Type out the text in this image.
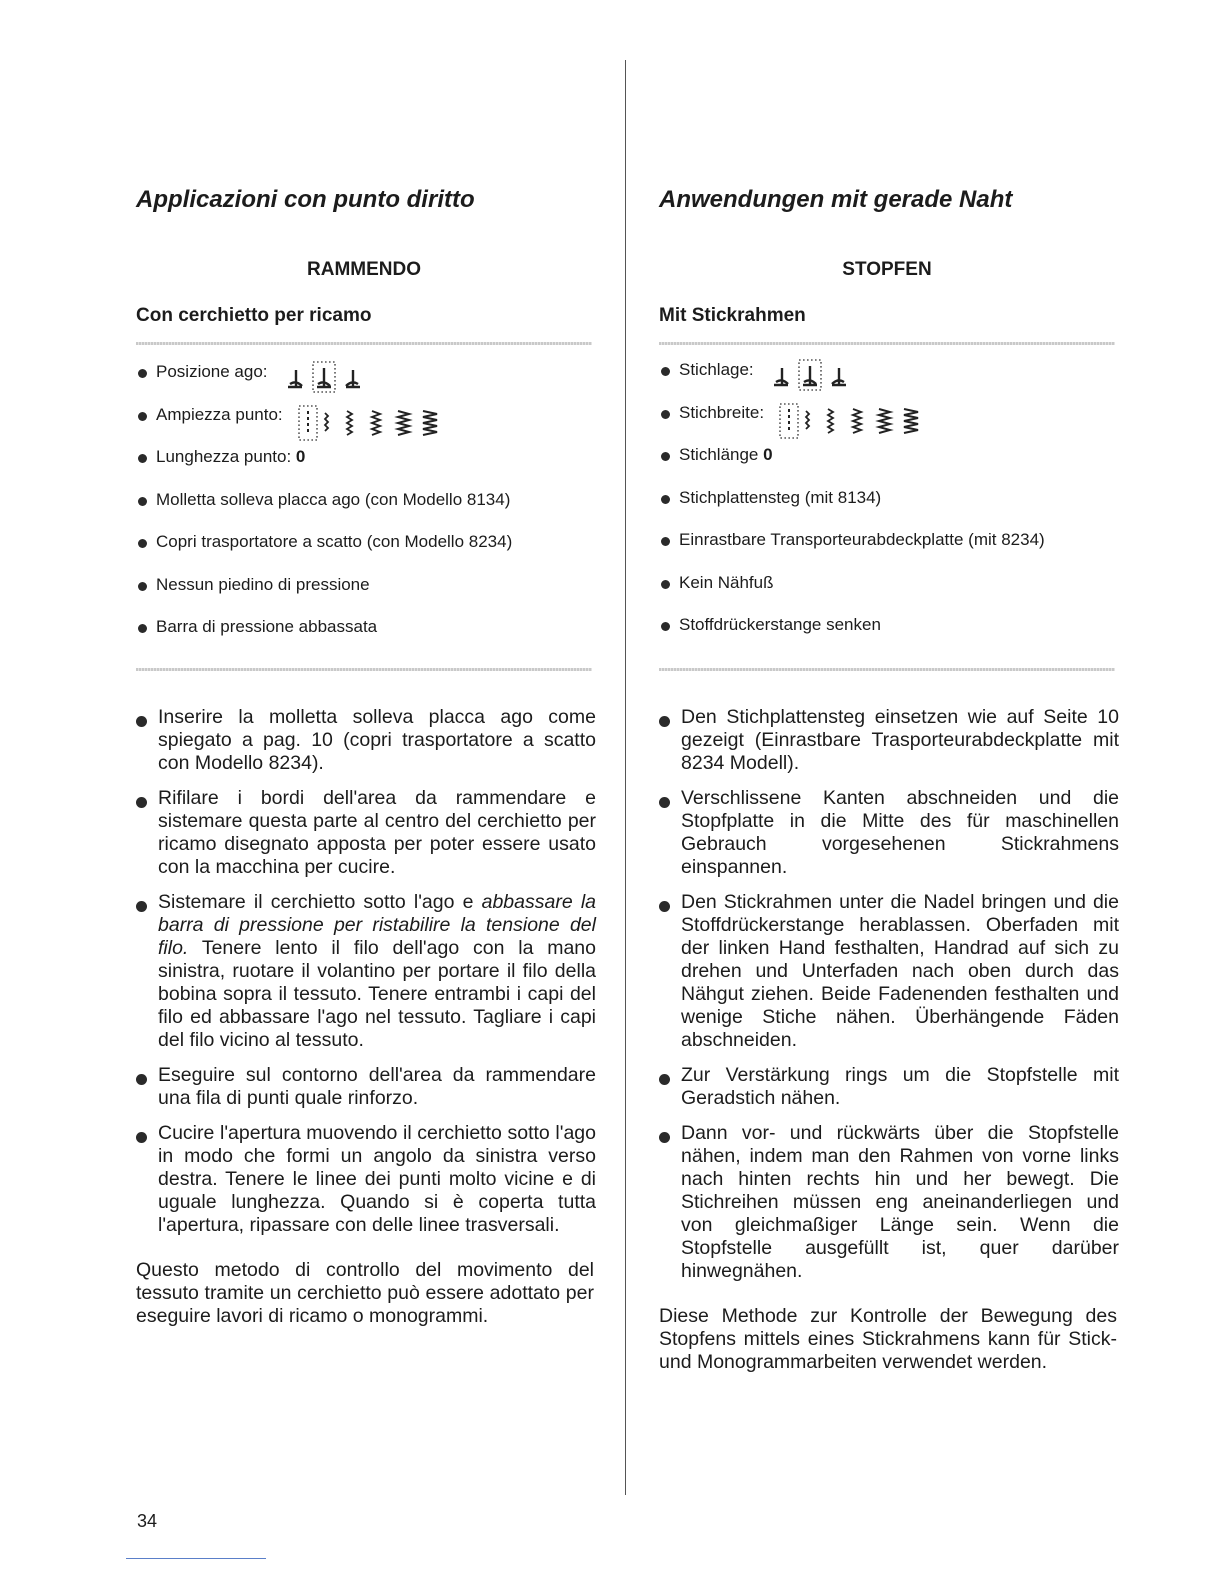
Applicazioni con punto diritto
RAMMENDO
Con cerchietto per ricamo
Posizione ago:
Ampiezza punto:
Lunghezza punto: 0
Molletta solleva placca ago (con Modello 8134)
Copri trasportatore a scatto (con Modello 8234)
Nessun piedino di pressione
Barra di pressione abbassata
Inserire la molletta solleva placca ago come spiegato a pag. 10 (copri trasportatore a scatto con Modello 8234).
Rifilare i bordi dell'area da rammendare e sistemare questa parte al centro del cerchietto per ricamo disegnato apposta per poter essere usato con la macchina per cucire.
Sistemare il cerchietto sotto l'ago e abbassare la barra di pressione per ristabilire la tensione del filo. Tenere lento il filo dell'ago con la mano sinistra, ruotare il volantino per portare il filo della bobina sopra il tessuto. Tenere entrambi i capi del filo ed abbassare l'ago nel tessuto. Tagliare i capi del filo vicino al tessuto.
Eseguire sul contorno dell'area da rammendare una fila di punti quale rinforzo.
Cucire l'apertura muovendo il cerchietto sotto l'ago in modo che formi un angolo da sinistra verso destra. Tenere le linee dei punti molto vicine e di uguale lunghezza. Quando si è coperta tutta l'apertura, ripassare con delle linee trasversali.

Questo metodo di controllo del movimento del tessuto tramite un cerchietto può essere adottato per eseguire lavori di ricamo o monogrammi.

Anwendungen mit gerade Naht
STOPFEN
Mit Stickrahmen
Stichlage:
Stichbreite:
Stichlänge 0
Stichplattensteg (mit 8134)
Einrastbare Transporteurabdeckplatte (mit 8234)
Kein Nähfuß
Stoffdrückerstange senken
Den Stichplattensteg einsetzen wie auf Seite 10 gezeigt (Einrastbare Trasporteurabdeckplatte mit 8234 Modell).
Verschlissene Kanten abschneiden und die Stopfplatte in die Mitte des für maschinellen Gebrauch vorgesehenen Stickrahmens einspannen.
Den Stickrahmen unter die Nadel bringen und die Stoffdrückerstange herablassen. Oberfaden mit der linken Hand festhalten, Handrad auf sich zu drehen und Unterfaden nach oben durch das Nähgut ziehen. Beide Fadenenden festhalten und wenige Stiche nähen. Überhängende Fäden abschneiden.
Zur Verstärkung rings um die Stopfstelle mit Geradstich nähen.
Dann vor- und rückwärts über die Stopfstelle nähen, indem man den Rahmen von vorne links nach hinten rechts hin und her bewegt. Die Stichreihen müssen eng aneinanderliegen und von gleichmaßiger Länge sein. Wenn die Stopfstelle ausgefüllt ist, quer darüber hinwegnähen.

Diese Methode zur Kontrolle der Bewegung des Stopfens mittels eines Stickrahmens kann für Stick- und Monogrammarbeiten verwendet werden.

34
